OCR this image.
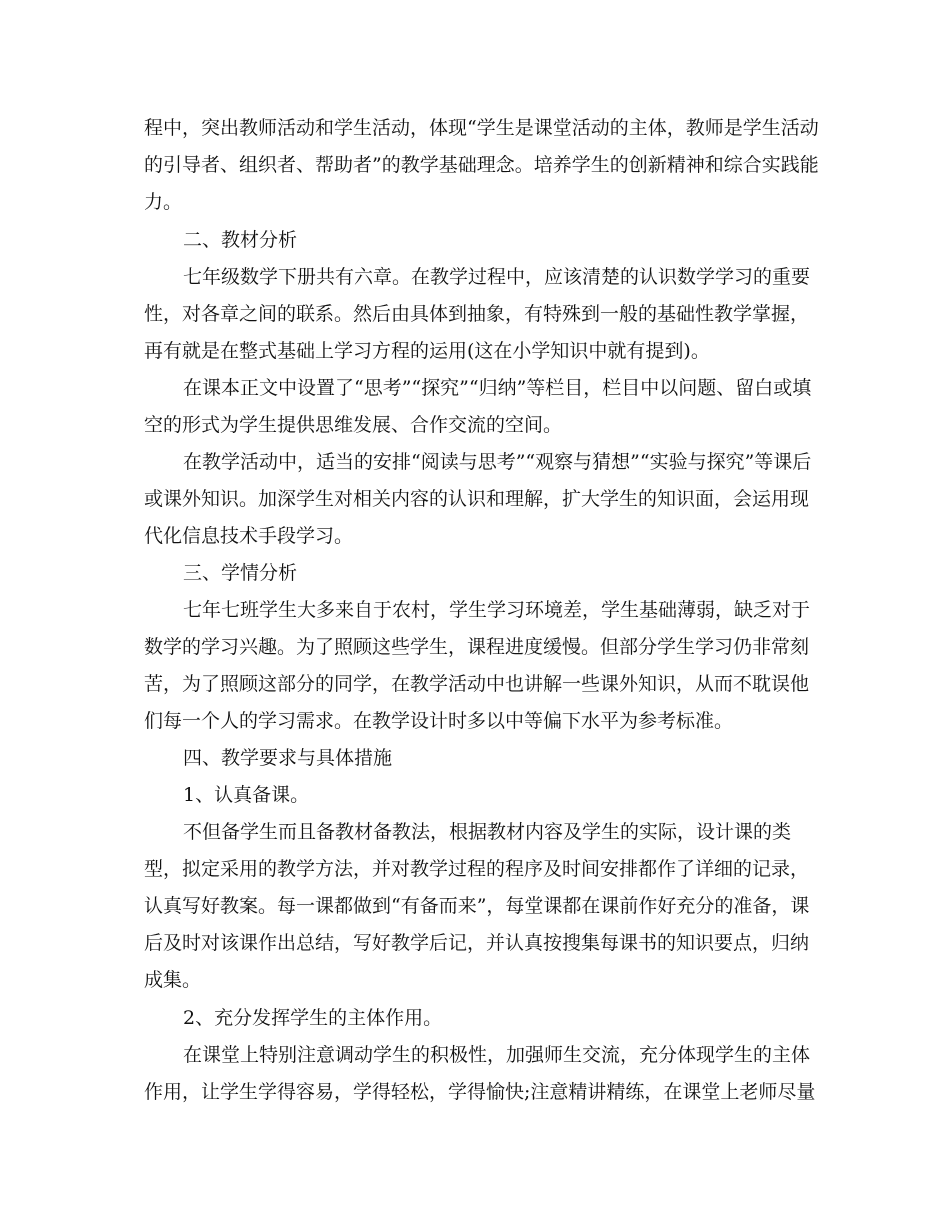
程中，突出教师活动和学生活动，体现“学生是课堂活动的主体，教师是学生活动
的引导者、组织者、帮助者”的教学基础理念。培养学生的创新精神和综合实践能
力。
二、教材分析
七年级数学下册共有六章。在教学过程中，应该清楚的认识数学学习的重要
性，对各章之间的联系。然后由具体到抽象，有特殊到一般的基础性教学掌握，
再有就是在整式基础上学习方程的运用(这在小学知识中就有提到)。
在课本正文中设置了“思考”“探究”“归纳”等栏目，栏目中以问题、留白或填
空的形式为学生提供思维发展、合作交流的空间。
在教学活动中，适当的安排“阅读与思考”“观察与猜想”“实验与探究”等课后
或课外知识。加深学生对相关内容的认识和理解，扩大学生的知识面，会运用现
代化信息技术手段学习。
三、学情分析
七年七班学生大多来自于农村，学生学习环境差，学生基础薄弱，缺乏对于
数学的学习兴趣。为了照顾这些学生，课程进度缓慢。但部分学生学习仍非常刻
苦，为了照顾这部分的同学，在教学活动中也讲解一些课外知识，从而不耽误他
们每一个人的学习需求。在教学设计时多以中等偏下水平为参考标准。
四、教学要求与具体措施
1、认真备课。
不但备学生而且备教材备教法，根据教材内容及学生的实际，设计课的类
型，拟定采用的教学方法，并对教学过程的程序及时间安排都作了详细的记录，
认真写好教案。每一课都做到“有备而来”，每堂课都在课前作好充分的准备，课
后及时对该课作出总结，写好教学后记，并认真按搜集每课书的知识要点，归纳
成集。
2、充分发挥学生的主体作用。
在课堂上特别注意调动学生的积极性，加强师生交流，充分体现学生的主体
作用，让学生学得容易，学得轻松，学得愉快;注意精讲精练，在课堂上老师尽量
